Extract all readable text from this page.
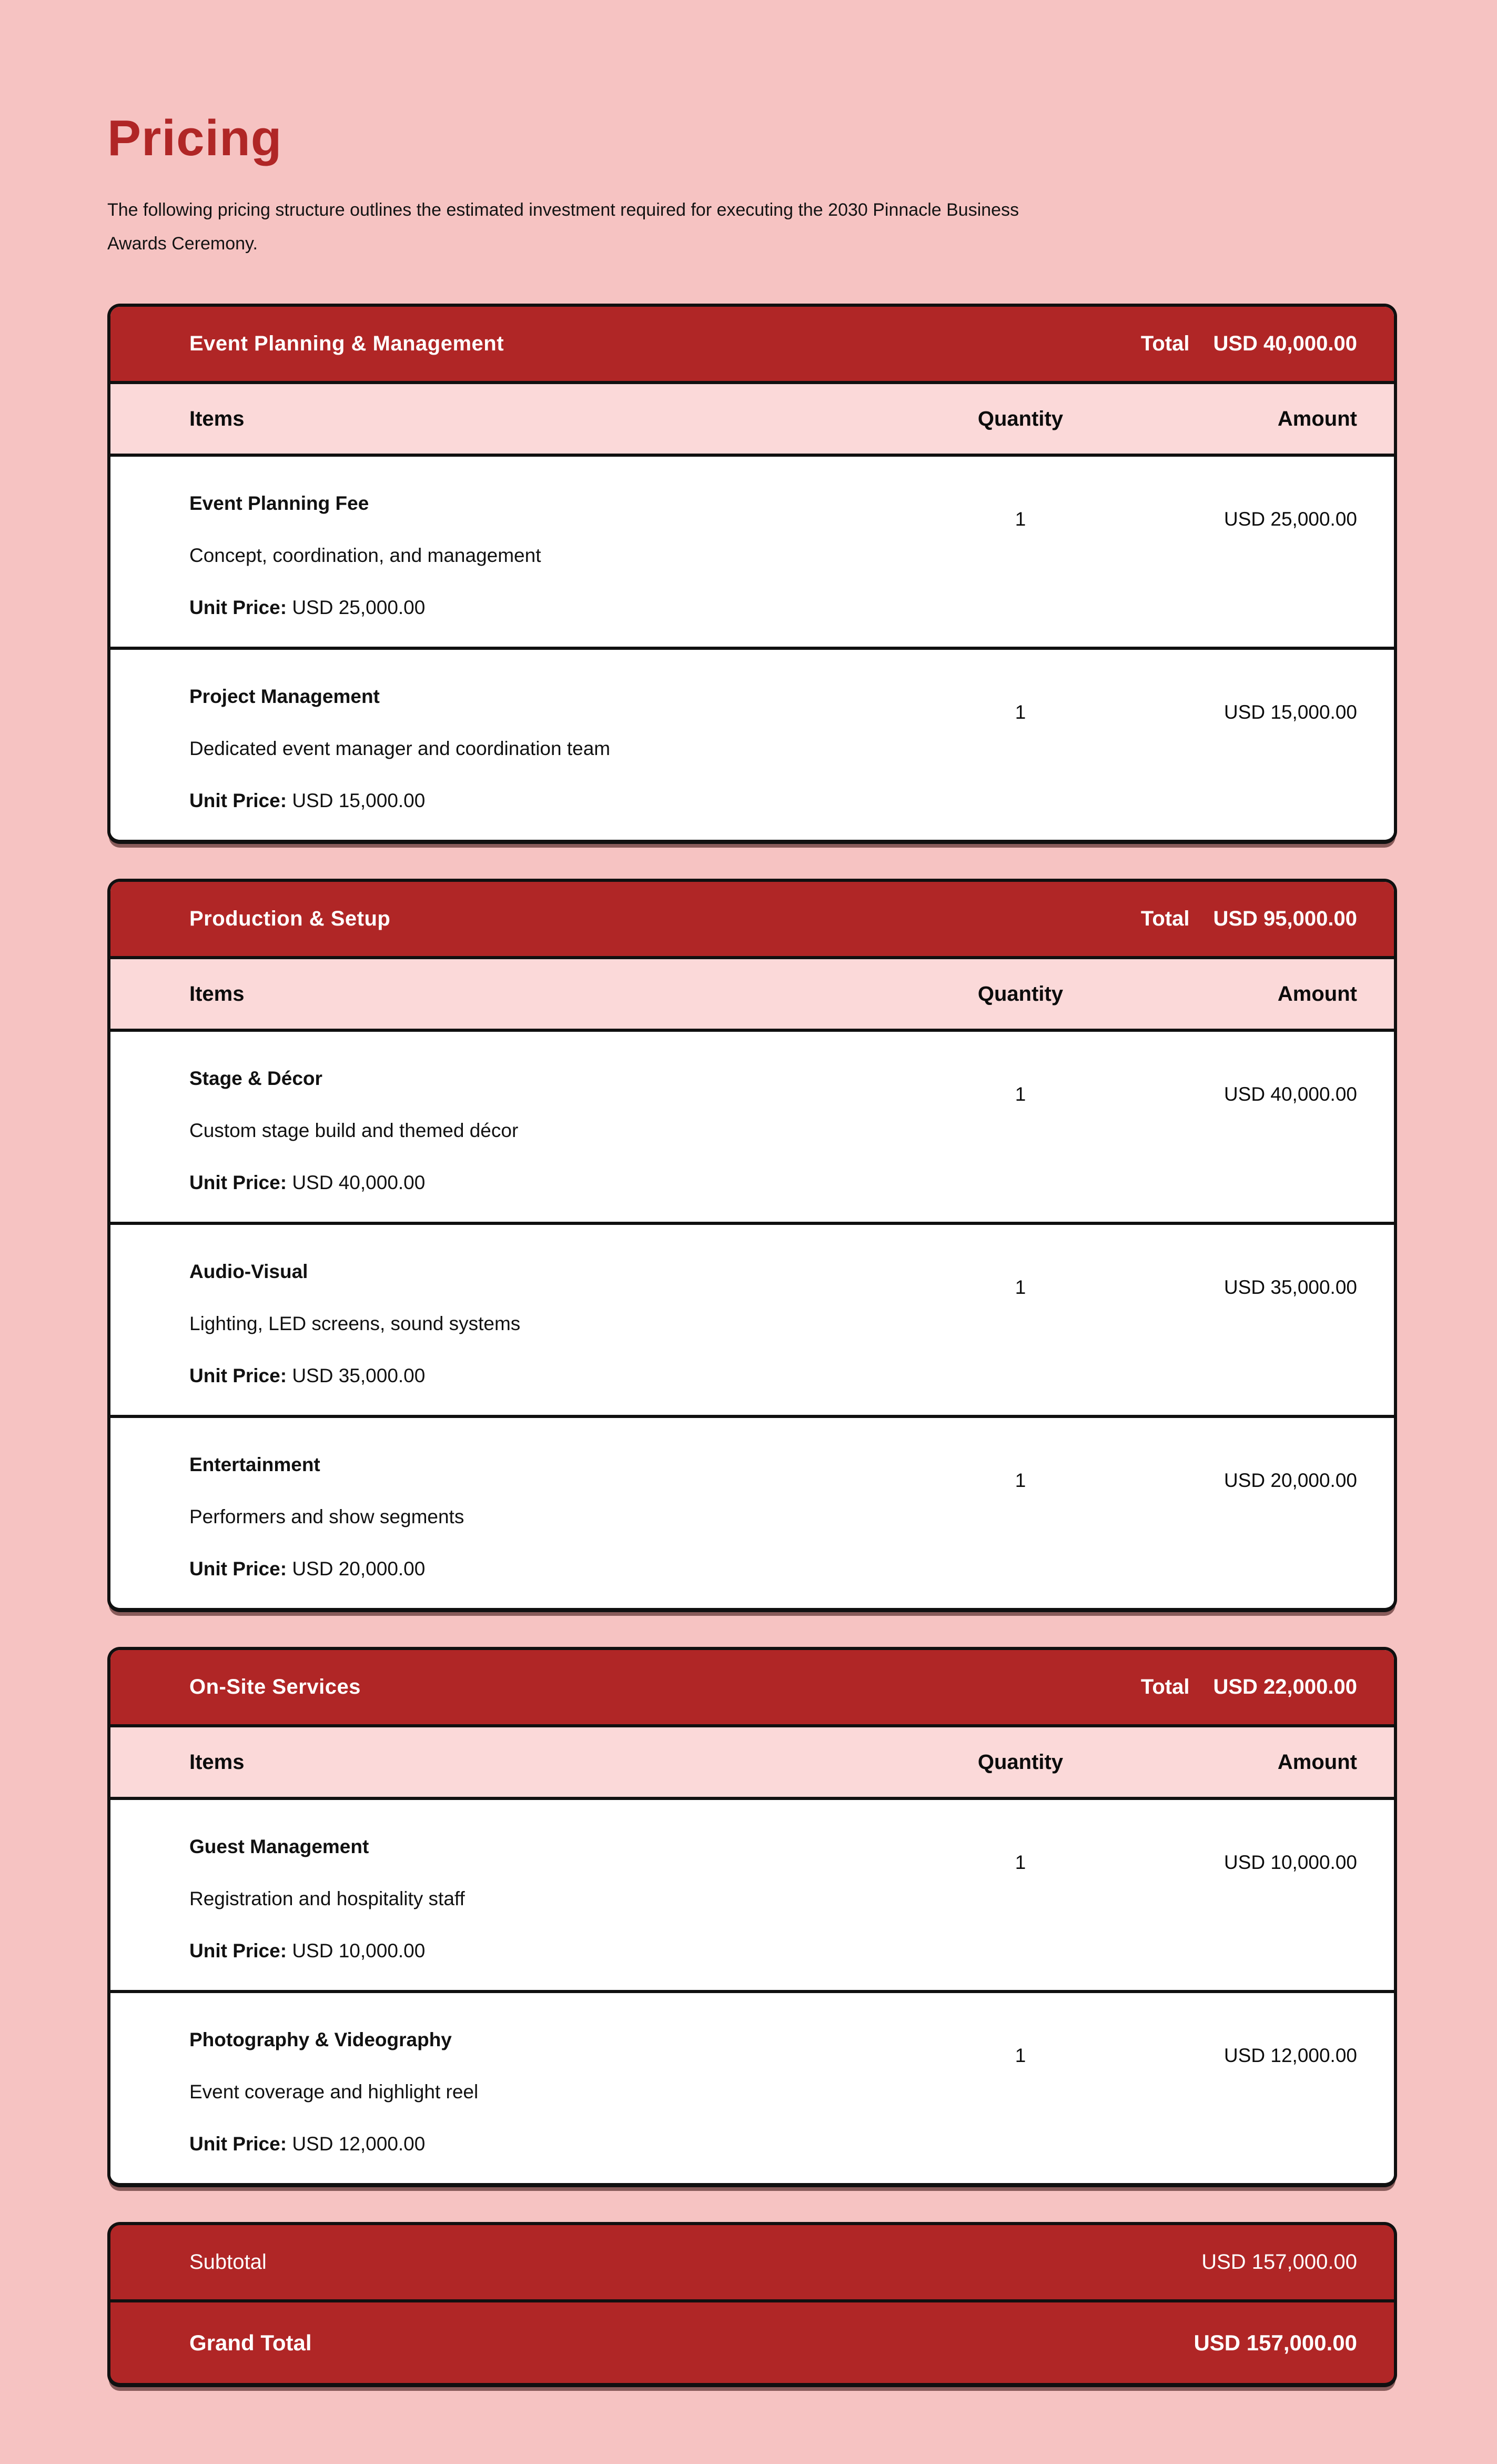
Pricing

The following pricing structure outlines the estimated investment required for executing the 2030 Pinnacle Business
Awards Ceremony.

Event Planning & Management	Total USD 40,000.00
Items	Quantity	Amount
Event Planning Fee
Concept, coordination, and management
Unit Price: USD 25,000.00
1	USD 25,000.00
Project Management
Dedicated event manager and coordination team
Unit Price: USD 15,000.00
1	USD 15,000.00
Production & Setup	Total USD 95,000.00
Items	Quantity	Amount
Stage & Décor
Custom stage build and themed décor
Unit Price: USD 40,000.00
1	USD 40,000.00
Audio-Visual
Lighting, LED screens, sound systems
Unit Price: USD 35,000.00
1	USD 35,000.00
Entertainment
Performers and show segments
Unit Price: USD 20,000.00
1	USD 20,000.00
On-Site Services	Total USD 22,000.00
Items	Quantity	Amount
Guest Management
Registration and hospitality staff
Unit Price: USD 10,000.00
1	USD 10,000.00
Photography & Videography
Event coverage and highlight reel
Unit Price: USD 12,000.00
1	USD 12,000.00
Subtotal	USD 157,000.00
Grand Total	USD 157,000.00
